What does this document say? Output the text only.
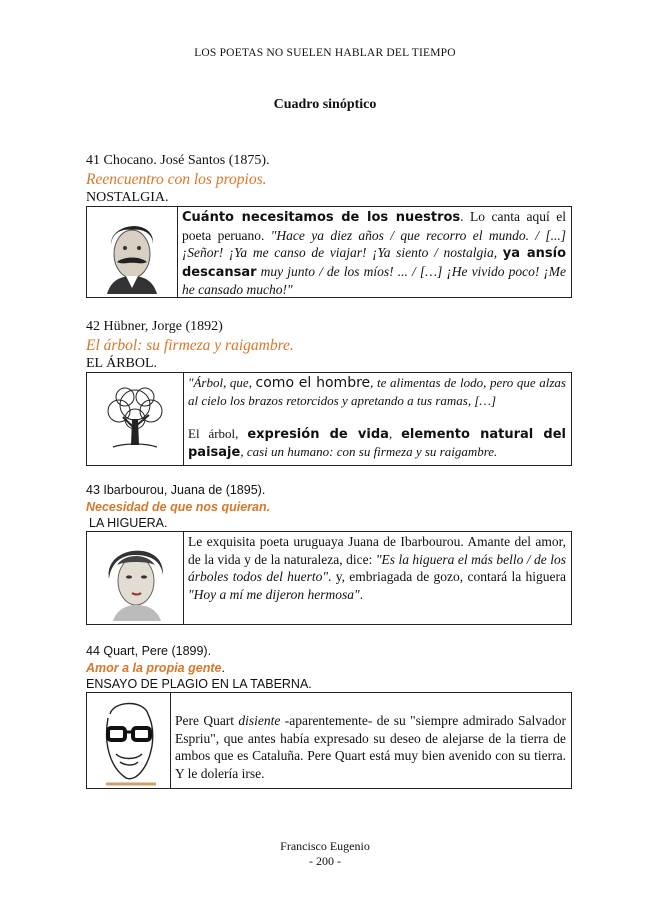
LOS POETAS NO SUELEN HABLAR DEL TIEMPO
Cuadro sinóptico
41 Chocano. José Santos (1875).
Reencuentro con los propios.
NOSTALGIA.
Cuánto necesitamos de los nuestros. Lo canta aquí el poeta peruano. "Hace ya diez años / que recorro el mundo. / [...] ¡Señor! ¡Ya me canso de viajar! ¡Ya siento / nostalgia, ya ansío descansar muy junto / de los míos! ... / […] ¡He vivido poco! ¡Me he cansado mucho!"
42 Hübner, Jorge (1892)
El árbol: su firmeza y raigambre.
EL ÁRBOL.
"Árbol, que, como el hombre, te alimentas de lodo, pero que alzas al cielo los brazos retorcidos y apretando a tus ramas, […]
El árbol, expresión de vida, elemento natural del paisaje, casi un humano: con su firmeza y su raigambre.
43 Ibarbourou, Juana de (1895).
Necesidad de que nos quieran.
LA HIGUERA.
Le exquisita poeta uruguaya Juana de Ibarbourou. Amante del amor, de la vida y de la naturaleza, dice: "Es la higuera el más bello / de los árboles todos del huerto". y, embriagada de gozo, contará la higuera "Hoy a mí me dijeron hermosa".
44 Quart, Pere (1899).
Amor a la propia gente.
ENSAYO DE PLAGIO EN LA TABERNA.
Pere Quart disiente -aparentemente- de su "siempre admirado Salvador Espriu", que antes había expresado su deseo de alejarse de la tierra de ambos que es Cataluña. Pere Quart está muy bien avenido con su tierra. Y le dolería irse.
Francisco Eugenio
- 200 -
